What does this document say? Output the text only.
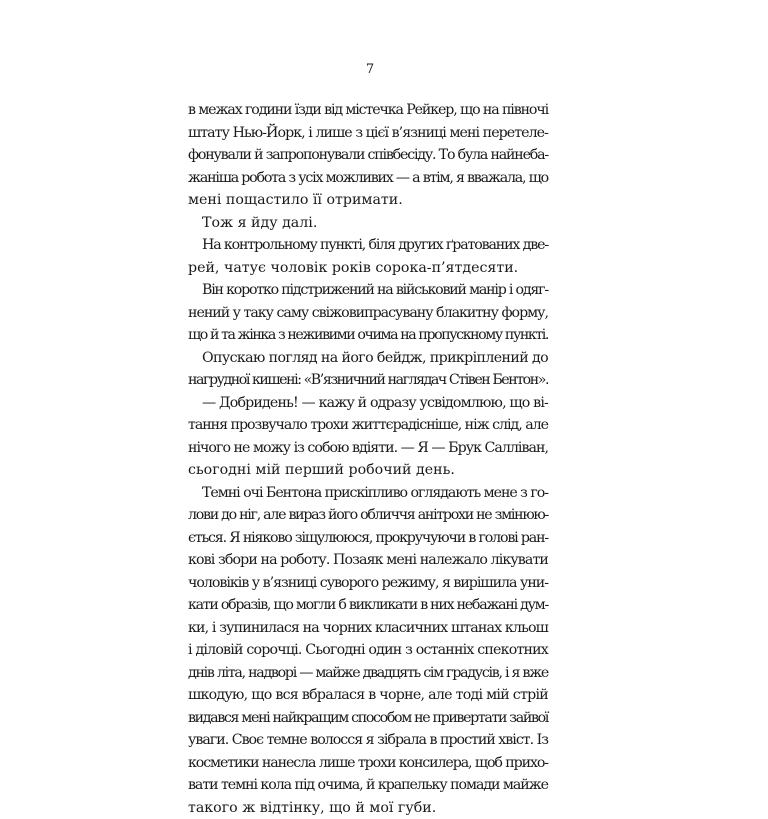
7
в межах години їзди від містечка Рейкер, що на півночі
штату Нью-Йорк, і лише з цієї в’язниці мені перетеле-
фонували й запропонували співбесіду. То була найнеба-
жаніша робота з усіх можливих — а втім, я вважала, що
мені пощастило її отримати.
Тож я йду далі.
На контрольному пункті, біля других ґратованих две-
рей, чатує чоловік років сорока-п’ятдесяти.
Він коротко підстрижений на військовий манір і одяг-
нений у таку саму свіжовипрасувану блакитну форму,
що й та жінка з неживими очима на пропускному пункті.
Опускаю погляд на його бейдж, прикріплений до
нагрудної кишені: «В’язничний наглядач Стівен Бентон».
— Добридень! — кажу й одразу усвідомлюю, що ві-
тання прозвучало трохи життєрадісніше, ніж слід, але
нічого не можу із собою вдіяти. — Я — Брук Салліван,
сьогодні мій перший робочий день.
Темні очі Бентона прискіпливо оглядають мене з го-
лови до ніг, але вираз його обличчя анітрохи не змінюю-
ється. Я ніяково зіщулююся, прокручуючи в голові ран-
кові збори на роботу. Позаяк мені належало лікувати
чоловіків у в’язниці суворого режиму, я вирішила уни-
кати образів, що могли б викликати в них небажані дум-
ки, і зупинилася на чорних класичних штанах кльош
і діловій сорочці. Сьогодні один з останніх спекотних
днів літа, надворі — майже двадцять сім градусів, і я вже
шкодую, що вся вбралася в чорне, але тоді мій стрій
видався мені найкращим способом не привертати зайвої
уваги. Своє темне волосся я зібрала в простий хвіст. Із
косметики нанесла лише трохи консилера, щоб прихо-
вати темні кола під очима, й крапельку помади майже
такого ж відтінку, що й мої губи.
